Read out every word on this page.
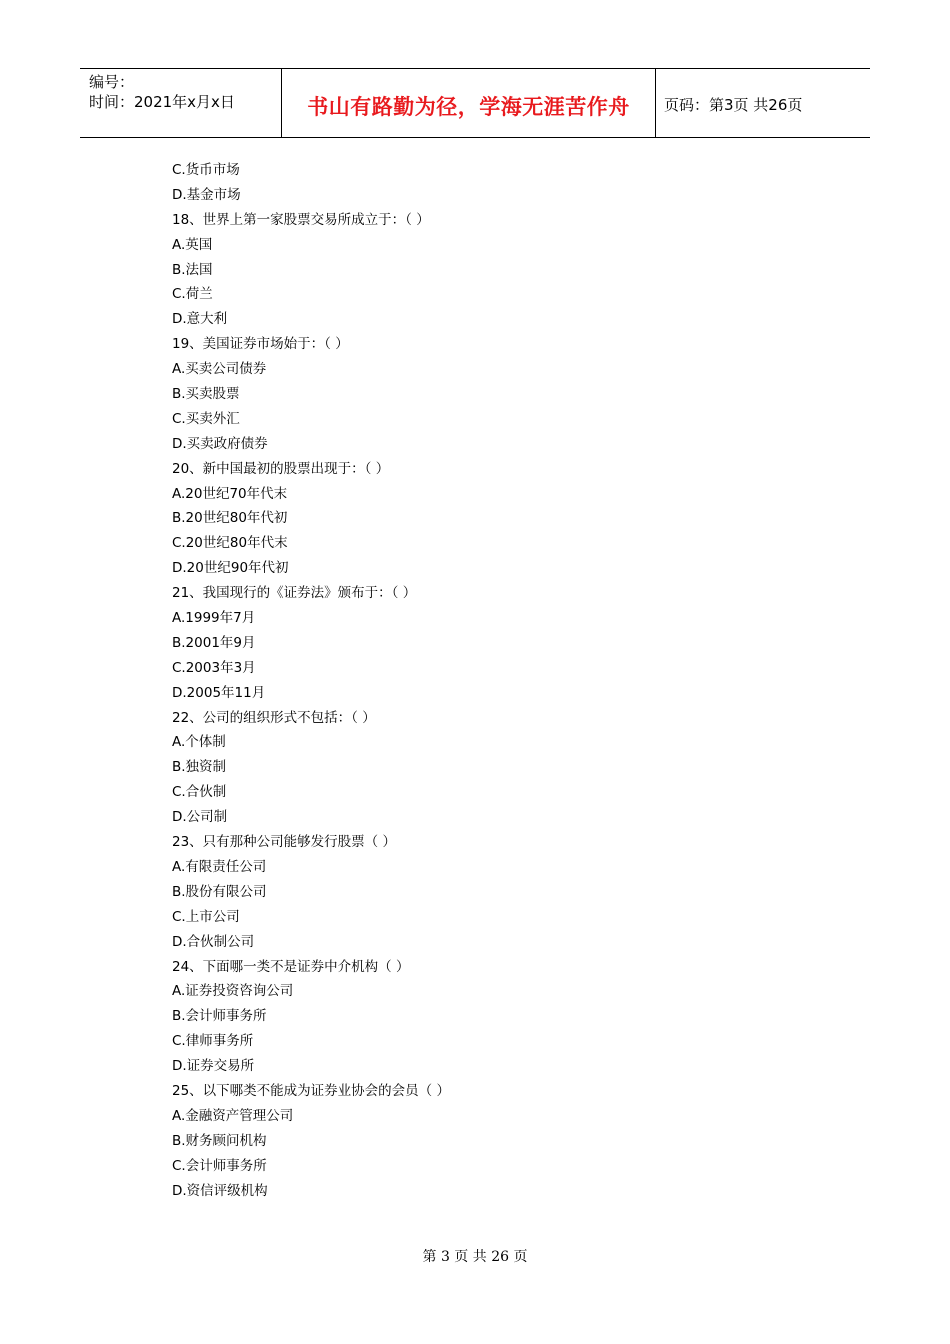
编号：
时间：2021年x月x日	书山有路勤为径，学海无涯苦作舟	页码：第3页 共26页
C.货币市场
D.基金市场
18、世界上第一家股票交易所成立于：（ ）
A.英国
B.法国
C.荷兰
D.意大利
19、美国证券市场始于：（ ）
A.买卖公司债券
B.买卖股票
C.买卖外汇
D.买卖政府债券
20、新中国最初的股票出现于：（ ）
A.20世纪70年代末
B.20世纪80年代初
C.20世纪80年代末
D.20世纪90年代初
21、我国现行的《证券法》颁布于：（ ）
A.1999年7月
B.2001年9月
C.2003年3月
D.2005年11月
22、公司的组织形式不包括：（ ）
A.个体制
B.独资制
C.合伙制
D.公司制
23、只有那种公司能够发行股票（ ）
A.有限责任公司
B.股份有限公司
C.上市公司
D.合伙制公司
24、下面哪一类不是证券中介机构（ ）
A.证券投资咨询公司
B.会计师事务所
C.律师事务所
D.证券交易所
25、以下哪类不能成为证券业协会的会员（ ）
A.金融资产管理公司
B.财务顾问机构
C.会计师事务所
D.资信评级机构
第 3 页 共 26 页
